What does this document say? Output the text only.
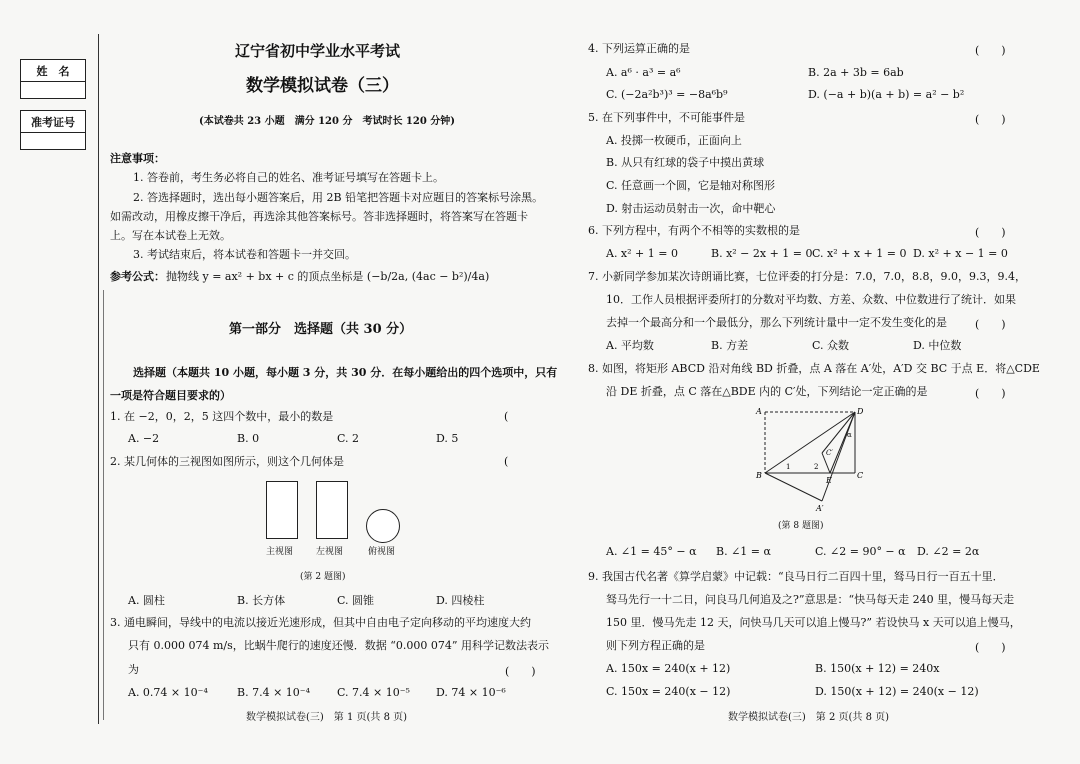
姓　名
准考证号
辽宁省初中学业水平考试
数学模拟试卷（三）
(本试卷共 23 小题　满分 120 分　考试时长 120 分钟)
注意事项：
1. 答卷前，考生务必将自己的姓名、准考证号填写在答题卡上。
2. 答选择题时，选出每小题答案后，用 2B 铅笔把答题卡对应题目的答案标号涂黑。
如需改动，用橡皮擦干净后，再选涂其他答案标号。答非选择题时，将答案写在答题卡
上。写在本试卷上无效。
3. 考试结束后，将本试卷和答题卡一并交回。
参考公式： 抛物线 y = ax² + bx + c 的顶点坐标是 (−b/2a, (4ac − b²)/4a)
第一部分　选择题（共 30 分）
选择题（本题共 10 小题，每小题 3 分，共 30 分．在每小题给出的四个选项中，只有
一项是符合题目要求的）
1. 在 −2，0，2，5 这四个数中，最小的数是	(
A. −2	B. 0	C. 2	D. 5
2. 某几何体的三视图如图所示，则这个几何体是	(
主视图	左视图	俯视图
(第 2 题图)
A. 圆柱	B. 长方体	C. 圆锥	D. 四棱柱
3. 通电瞬间，导线中的电流以接近光速形成，但其中自由电子定向移动的平均速度大约
只有 0.000 074 m/s，比蜗牛爬行的速度还慢．数据 “0.000 074” 用科学记数法表示
为	(　　)
A. 0.74 × 10⁻⁴	B. 7.4 × 10⁻⁴ C. 7.4 × 10⁻⁵ D. 74 × 10⁻⁶
数学模拟试卷(三)　第 1 页(共 8 页)
4. 下列运算正确的是	(　　)
A. a⁶ · a³ = a⁶	B. 2a + 3b = 6ab
C. (−2a²b³)³ = −8a⁶b⁹	D. (−a + b)(a + b) = a² − b²
5. 在下列事件中，不可能事件是	(　　)
A. 投掷一枚硬币，正面向上
B. 从只有红球的袋子中摸出黄球
C. 任意画一个圆，它是轴对称图形
D. 射击运动员射击一次，命中靶心
6. 下列方程中，有两个不相等的实数根的是	(　　)
A. x² + 1 = 0	B. x² − 2x + 1 = 0 C. x² + x + 1 = 0 D. x² + x − 1 = 0
7. 小新同学参加某次诗朗诵比赛，七位评委的打分是：7.0，7.0，8.8，9.0，9.3，9.4，
10．工作人员根据评委所打的分数对平均数、方差、众数、中位数进行了统计．如果
去掉一个最高分和一个最低分，那么下列统计量中一定不发生变化的是	(　　)
A. 平均数	B. 方差	C. 众数	D. 中位数
8. 如图，将矩形 ABCD 沿对角线 BD 折叠，点 A 落在 A′处，A′D 交 BC 于点 E．将△CDE
沿 DE 折叠，点 C 落在△BDE 内的 C′处，下列结论一定正确的是	(　　)
A	D
B	C
E
A′
C′
1	2
α
(第 8 题图)
A. ∠1 = 45° − α B. ∠1 = α	C. ∠2 = 90° − α D. ∠2 = 2α
9. 我国古代名著《算学启蒙》中记载：“良马日行二百四十里，驽马日行一百五十里．
驽马先行一十二日，问良马几何追及之?”意思是：“快马每天走 240 里，慢马每天走
150 里．慢马先走 12 天，问快马几天可以追上慢马?” 若设快马 x 天可以追上慢马，
则下列方程正确的是	(　　)
A. 150x = 240(x + 12)	B. 150(x + 12) = 240x
C. 150x = 240(x − 12)	D. 150(x + 12) = 240(x − 12)
数学模拟试卷(三)　第 2 页(共 8 页)
